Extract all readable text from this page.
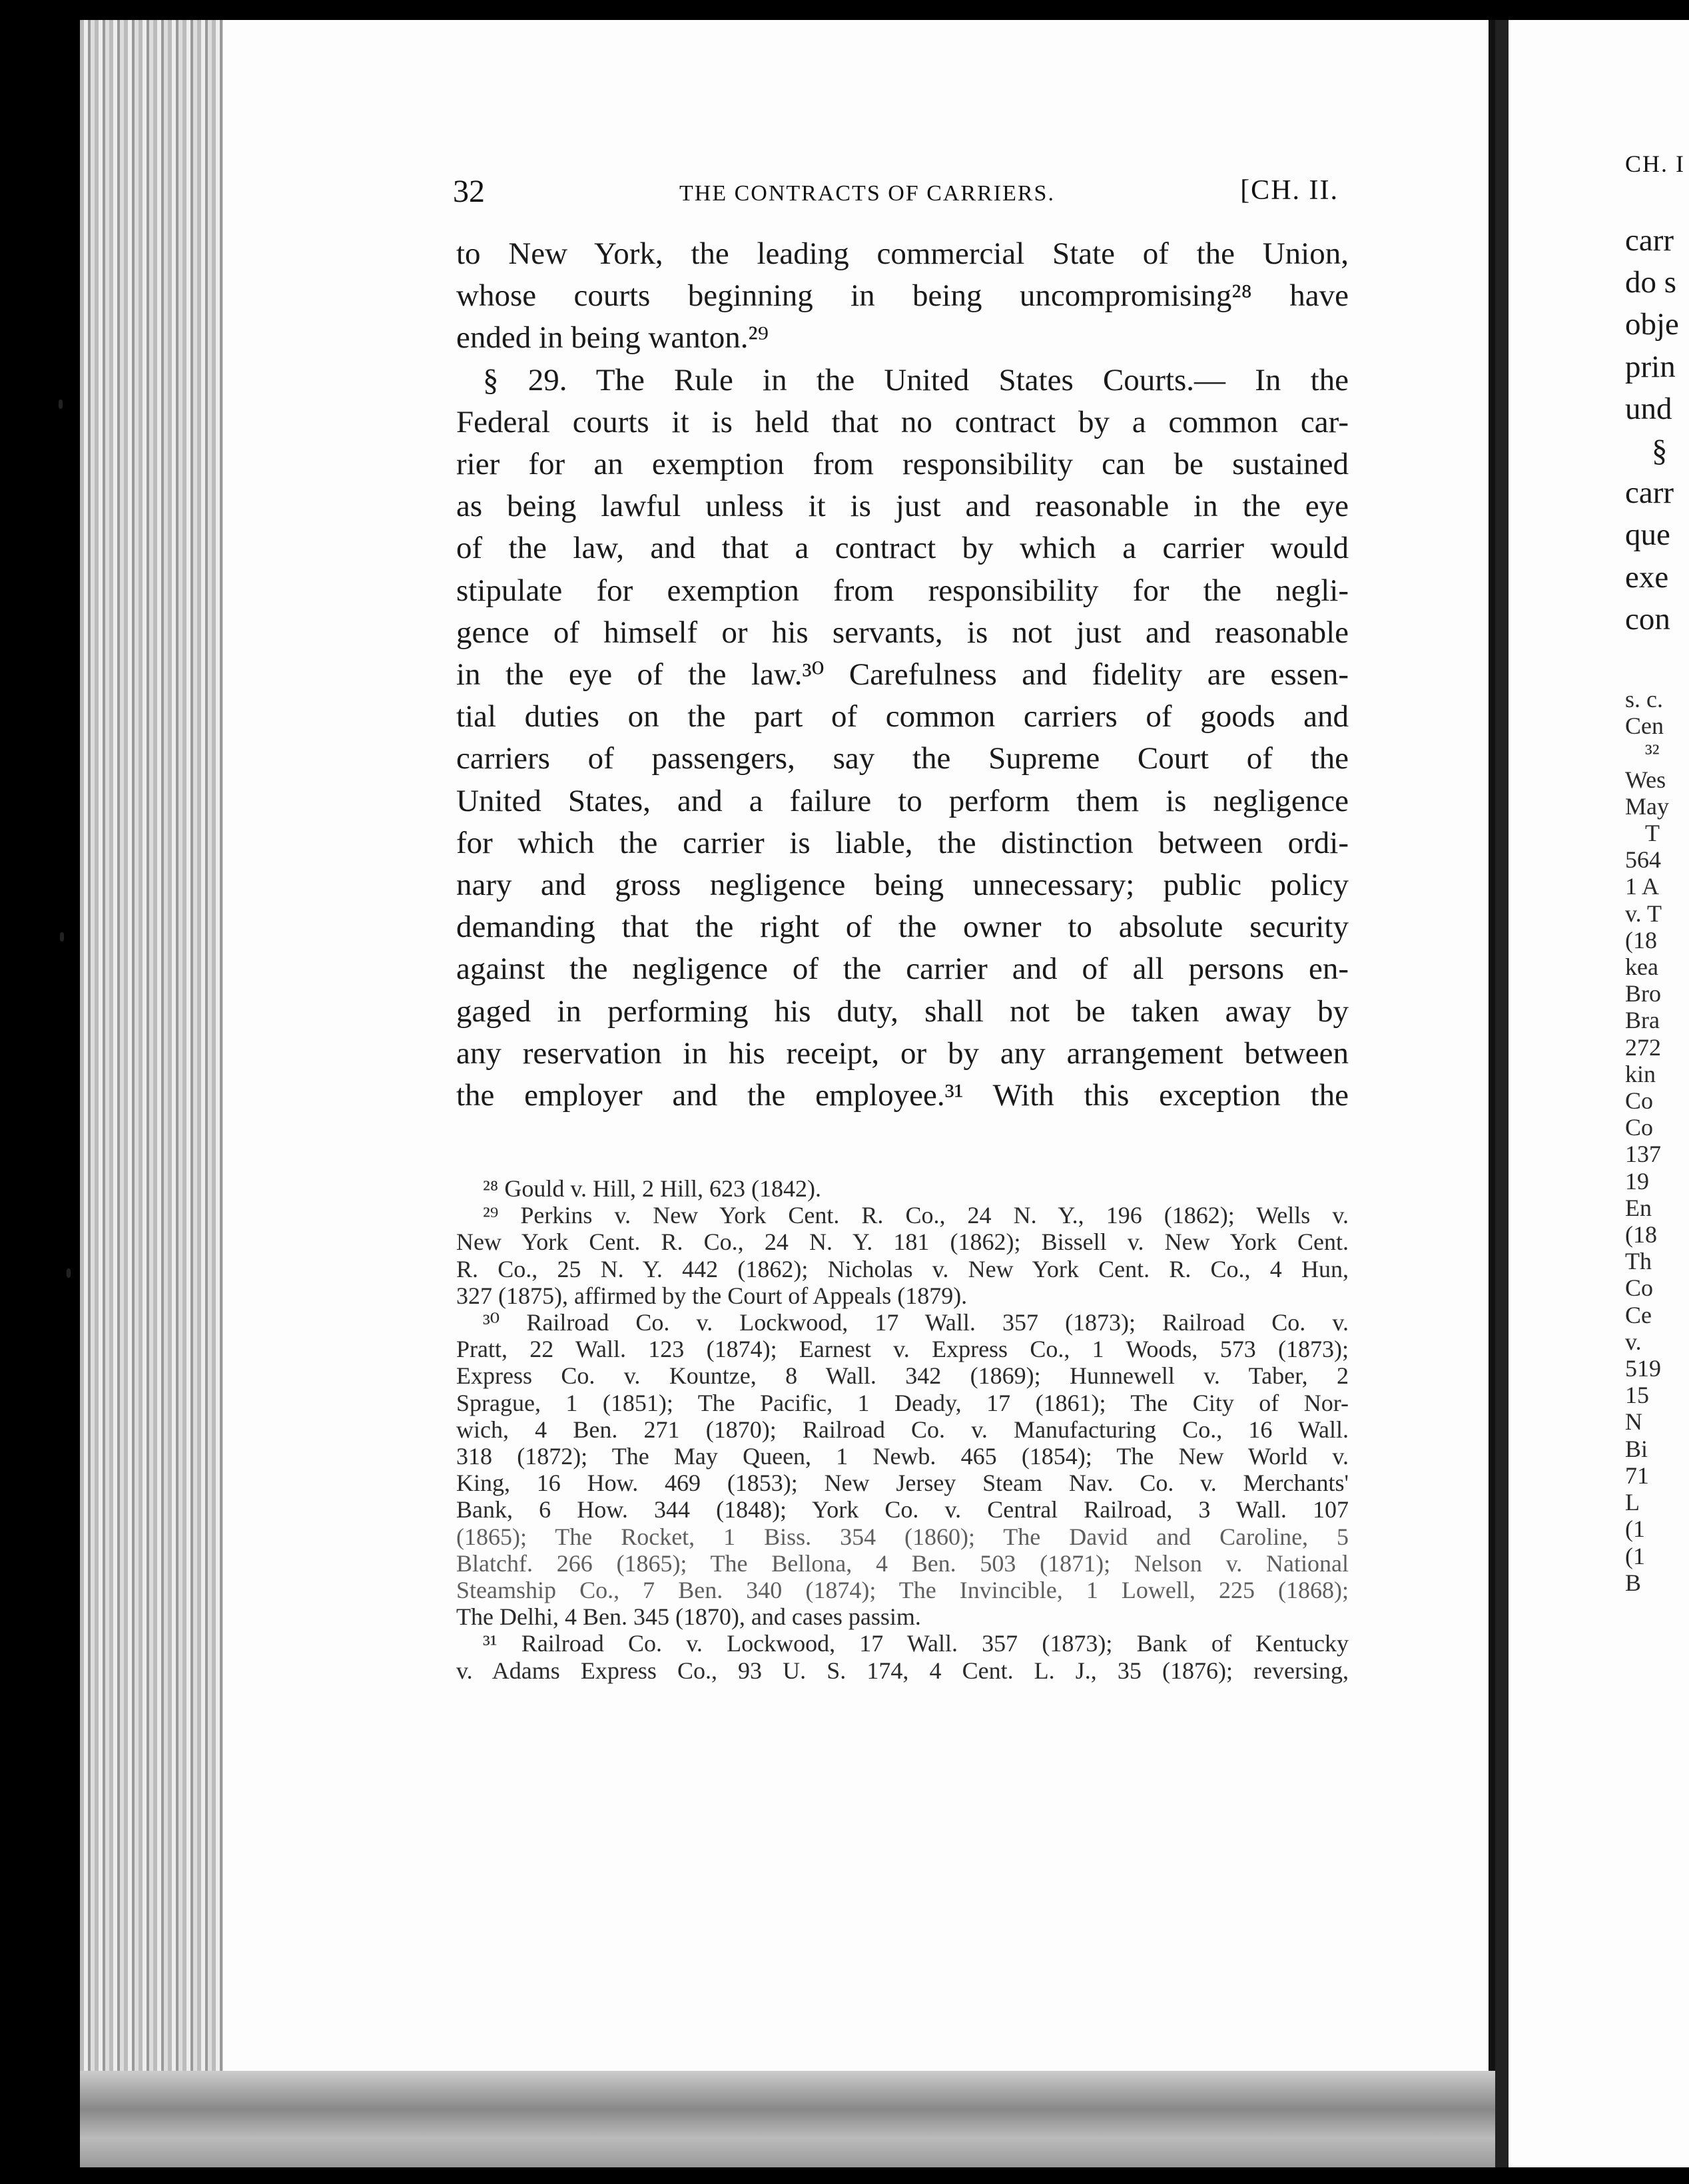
32	THE CONTRACTS OF CARRIERS.	[CH. II.
to New York, the leading commercial State of the Union,
whose courts beginning in being uncompromising²⁸ have
ended in being wanton.²⁹
§ 29. The Rule in the United States Courts.— In the
Federal courts it is held that no contract by a common car-
rier for an exemption from responsibility can be sustained
as being lawful unless it is just and reasonable in the eye
of the law, and that a contract by which a carrier would
stipulate for exemption from responsibility for the negli-
gence of himself or his servants, is not just and reasonable
in the eye of the law.³⁰ Carefulness and fidelity are essen-
tial duties on the part of common carriers of goods and
carriers of passengers, say the Supreme Court of the
United States, and a failure to perform them is negligence
for which the carrier is liable, the distinction between ordi-
nary and gross negligence being unnecessary; public policy
demanding that the right of the owner to absolute security
against the negligence of the carrier and of all persons en-
gaged in performing his duty, shall not be taken away by
any reservation in his receipt, or by any arrangement between
the employer and the employee.³¹ With this exception the
²⁸ Gould v. Hill, 2 Hill, 623 (1842).
²⁹ Perkins v. New York Cent. R. Co., 24 N. Y., 196 (1862); Wells v.
New York Cent. R. Co., 24 N. Y. 181 (1862); Bissell v. New York Cent.
R. Co., 25 N. Y. 442 (1862); Nicholas v. New York Cent. R. Co., 4 Hun,
327 (1875), affirmed by the Court of Appeals (1879).
³⁰ Railroad Co. v. Lockwood, 17 Wall. 357 (1873); Railroad Co. v.
Pratt, 22 Wall. 123 (1874); Earnest v. Express Co., 1 Woods, 573 (1873);
Express Co. v. Kountze, 8 Wall. 342 (1869); Hunnewell v. Taber, 2
Sprague, 1 (1851); The Pacific, 1 Deady, 17 (1861); The City of Nor-
wich, 4 Ben. 271 (1870); Railroad Co. v. Manufacturing Co., 16 Wall.
318 (1872); The May Queen, 1 Newb. 465 (1854); The New World v.
King, 16 How. 469 (1853); New Jersey Steam Nav. Co. v. Merchants'
Bank, 6 How. 344 (1848); York Co. v. Central Railroad, 3 Wall. 107
(1865); The Rocket, 1 Biss. 354 (1860); The David and Caroline, 5
Blatchf. 266 (1865); The Bellona, 4 Ben. 503 (1871); Nelson v. National
Steamship Co., 7 Ben. 340 (1874); The Invincible, 1 Lowell, 225 (1868);
The Delhi, 4 Ben. 345 (1870), and cases passim.
³¹ Railroad Co. v. Lockwood, 17 Wall. 357 (1873); Bank of Kentucky
v. Adams Express Co., 93 U. S. 174, 4 Cent. L. J., 35 (1876); reversing,
CH. I
carr
do s
obje
prin
und
§
carr
que
exe
con
s. c.
Cen
³²
Wes
May
T
564
1 A
v. T
(18
kea
Bro
Bra
272
kin
Co
Co
137
19
En
(18
Th
Co
Ce
v.
519
15
N
Bi
71
L
(1
(1
B
